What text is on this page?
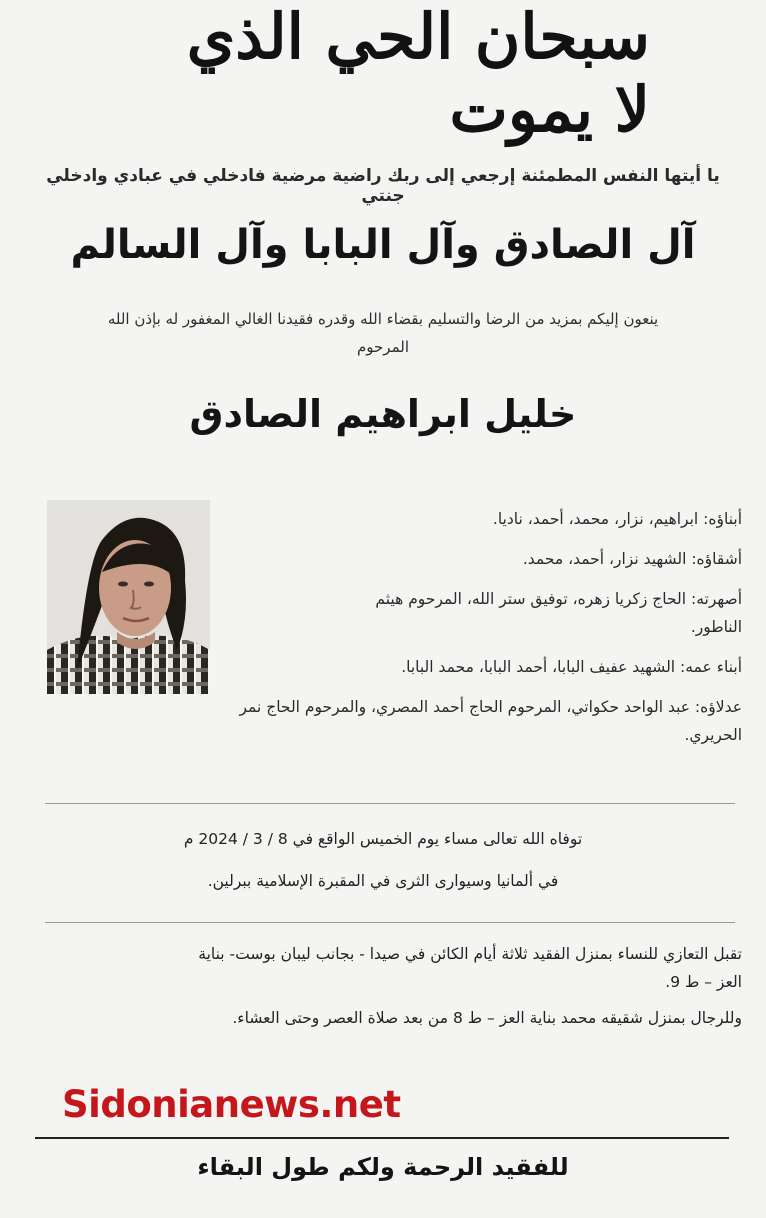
سبحان الحي الذي لا يموت
يا أيتها النفس المطمئنة إرجعي إلى ربك راضية مرضية فادخلي في عبادي وادخلي جنتي
آل الصادق وآل البابا وآل السالم
ينعون إليكم بمزيد من الرضا والتسليم بقضاء الله وقدره فقيدنا الغالي المغفور له بإذن الله
المرحوم
خليل ابراهيم الصادق
أبناؤه: ابراهيم، نزار، محمد، أحمد، ناديا.
أشقاؤه: الشهيد نزار، أحمد، محمد.
أصهرته: الحاج زكريا زهره، توفيق ستر الله، المرحوم هيثم
الناطور.
أبناء عمه: الشهيد عفيف البابا، أحمد البابا، محمد البابا.
عدلاؤه: عبد الواحد حكواتي، المرحوم الحاج أحمد المصري، والمرحوم الحاج نمر
الحريري.
توفاه الله تعالى مساء يوم الخميس الواقع في 8 / 3 / 2024 م
في ألمانيا وسيوارى الثرى في المقبرة الإسلامية ببرلين.
تقبل التعازي للنساء بمنزل الفقيد ثلاثة أيام الكائن في صيدا - بجانب ليبان بوست- بناية
العز – ط 9.
وللرجال بمنزل شقيقه محمد بناية العز – ط 8 من بعد صلاة العصر وحتى العشاء.
Sidonianews.net
للفقيد الرحمة ولكم طول البقاء
